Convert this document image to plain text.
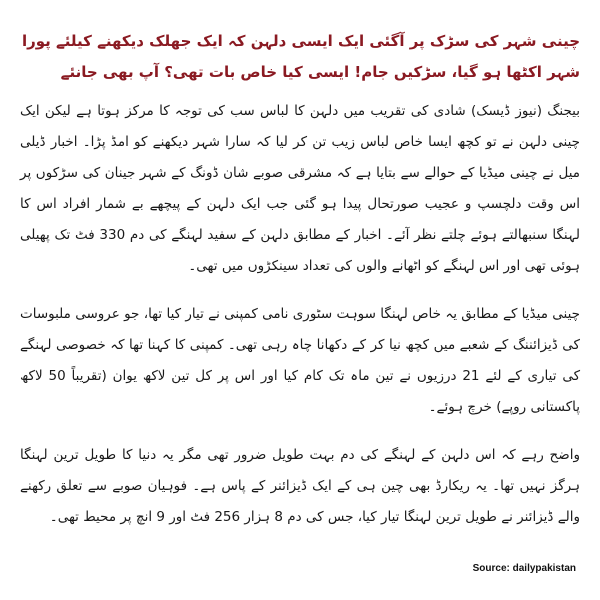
چینی شہر کی سڑک پر آگئی ایک ایسی دلہن کہ ایک جھلک دیکھنے کیلئے پورا شہر اکٹھا ہو گیا، سڑکیں جام! ایسی کیا خاص بات تھی؟ آپ بھی جانئے

بیجنگ (نیوز ڈیسک) شادی کی تقریب میں دلہن کا لباس سب کی توجہ کا مرکز ہوتا ہے لیکن ایک چینی دلہن نے تو کچھ ایسا خاص لباس زیب تن کر لیا کہ سارا شہر دیکھنے کو امڈ پڑا۔ اخبار ڈیلی میل نے چینی میڈیا کے حوالے سے بتایا ہے کہ مشرقی صوبے شان ڈونگ کے شہر جینان کی سڑکوں پر اس وقت دلچسپ و عجیب صورتحال پیدا ہو گئی جب ایک دلہن کے پیچھے بے شمار افراد اس کا لہنگا سنبھالتے ہوئے چلتے نظر آئے۔ اخبار کے مطابق دلہن کے سفید لہنگے کی دم 330 فٹ تک پھیلی ہوئی تھی اور اس لہنگے کو اٹھانے والوں کی تعداد سینکڑوں میں تھی۔

چینی میڈیا کے مطابق یہ خاص لہنگا سوہت سٹوری نامی کمپنی نے تیار کیا تھا، جو عروسی ملبوسات کی ڈیزائننگ کے شعبے میں کچھ نیا کر کے دکھانا چاہ رہی تھی۔ کمپنی کا کہنا تھا کہ خصوصی لہنگے کی تیاری کے لئے 21 درزیوں نے تین ماہ تک کام کیا اور اس پر کل تین لاکھ یوان (تقریباً 50 لاکھ پاکستانی روپے) خرچ ہوئے۔

واضح رہے کہ اس دلہن کے لہنگے کی دم بہت طویل ضرور تھی مگر یہ دنیا کا طویل ترین لہنگا ہرگز نہیں تھا۔ یہ ریکارڈ بھی چین ہی کے ایک ڈیزائنر کے پاس ہے۔ فوہیان صوبے سے تعلق رکھنے والے ڈیزائنر نے طویل ترین لہنگا تیار کیا، جس کی دم 8 ہزار 256 فٹ اور 9 انچ پر محیط تھی۔

Source: dailypakistan
